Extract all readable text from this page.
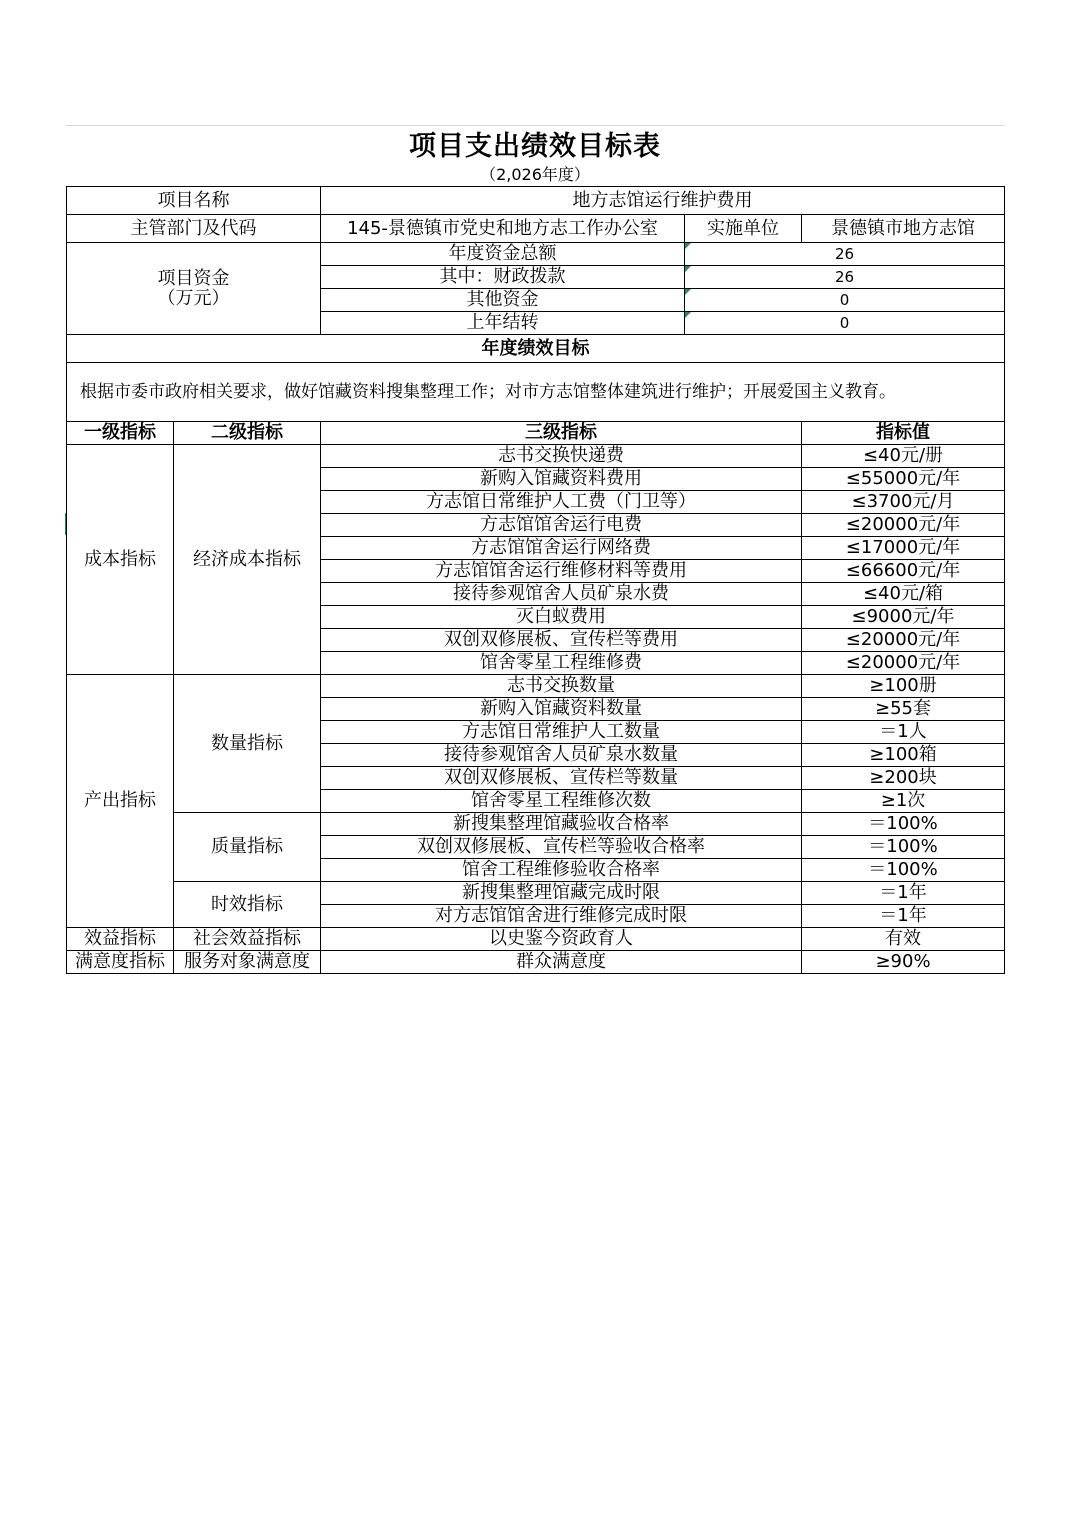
项目支出绩效目标表
（2,026年度）
项目名称		地方志馆运行维护费用		
主管部门及代码		145-景德镇市党史和地方志工作办公室	实施单位	景德镇市地方志馆

项目资金
（万元）		年度资金总额	26	
		其中：财政拨款	26	
		其他资金	0	
		上年结转	0	
年度绩效目标				
根据市委市政府相关要求，做好馆藏资料搜集整理工作；对市方志馆整体建筑进行维护；开展爱国主义教育。				
一级指标	二级指标	三级指标		指标值
成本指标	经济成本指标	志书交换快递费		≤40元/册
		新购入馆藏资料费用		≤55000元/年
		方志馆日常维护人工费（门卫等）		≤3700元/月
		方志馆馆舍运行电费		≤20000元/年
		方志馆馆舍运行网络费		≤17000元/年
		方志馆馆舍运行维修材料等费用		≤66600元/年
		接待参观馆舍人员矿泉水费		≤40元/箱
		灭白蚁费用		≤9000元/年
		双创双修展板、宣传栏等费用		≤20000元/年
		馆舍零星工程维修费		≤20000元/年
产出指标	数量指标	志书交换数量		≥100册
		新购入馆藏资料数量		≥55套
		方志馆日常维护人工数量		＝1人
		接待参观馆舍人员矿泉水数量		≥100箱
		双创双修展板、宣传栏等数量		≥200块
		馆舍零星工程维修次数		≥1次
	质量指标	新搜集整理馆藏验收合格率		＝100%
		双创双修展板、宣传栏等验收合格率		＝100%
		馆舍工程维修验收合格率		＝100%
	时效指标	新搜集整理馆藏完成时限		＝1年
		对方志馆馆舍进行维修完成时限		＝1年
效益指标	社会效益指标	以史鉴今资政育人		有效
满意度指标	服务对象满意度	群众满意度		≥90%
